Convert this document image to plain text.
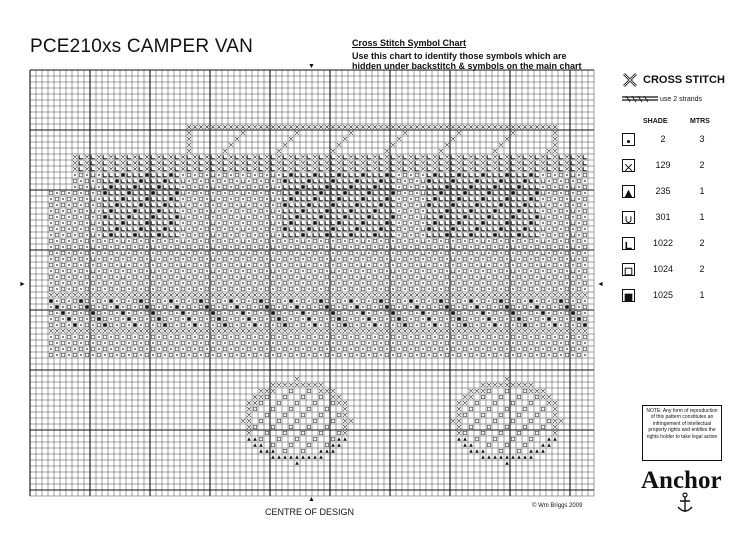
PCE210xs CAMPER VAN	Cross Stitch Symbol Chart
Use this chart to identify those symbols which are
hidden under backstitch & symbols on the main chart
▼
▲
►	◄
CENTRE OF DESIGN
© Wm Briggs 2009
CROSS STITCH
use 2 strands
SHADE	MTRS
2	3
129	2
235	1
301	1
1022	2
1024	2
1025	1
NOTE: Any form of reproduction of this pattern constitutes an infringement of intellectual property rights and entitles the rights holder to take legal action
Anchor
